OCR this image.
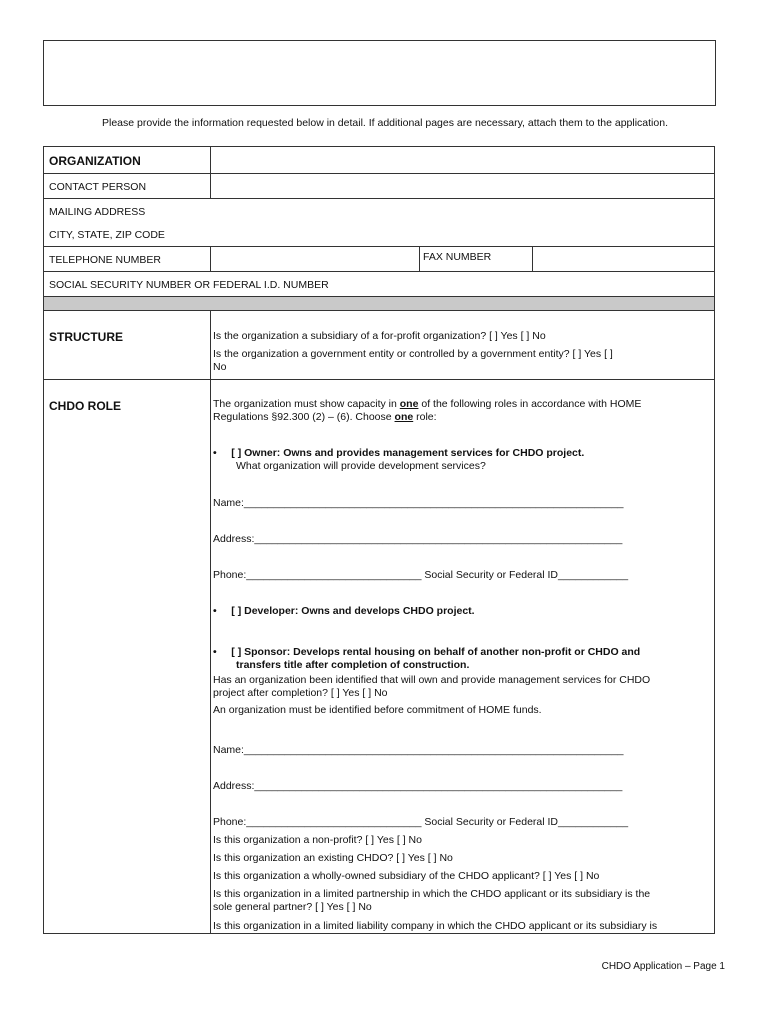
Please provide the information requested below in detail. If additional pages are necessary, attach them to the application.
ORGANIZATION
CONTACT PERSON
MAILING ADDRESS
CITY, STATE, ZIP CODE
TELEPHONE NUMBER	FAX NUMBER
SOCIAL SECURITY NUMBER OR FEDERAL I.D. NUMBER
STRUCTURE
CHDO ROLE
Is the organization a subsidiary of a for-profit organization? [ ] Yes [ ] No
Is the organization a government entity or controlled by a government entity? [ ] Yes [ ]
No
The organization must show capacity in one of the following roles in accordance with HOME
Regulations §92.300 (2) – (6). Choose one role:
• [ ] Owner: Owns and provides management services for CHDO project.
What organization will provide development services?
Name:_________________________________________________________________
Address:_______________________________________________________________
Phone:______________________________ Social Security or Federal ID____________
• [ ] Developer: Owns and develops CHDO project.
• [ ] Sponsor: Develops rental housing on behalf of another non-profit or CHDO and
transfers title after completion of construction.
Has an organization been identified that will own and provide management services for CHDO
project after completion? [ ] Yes [ ] No
An organization must be identified before commitment of HOME funds.
Name:_________________________________________________________________
Address:_______________________________________________________________
Phone:______________________________ Social Security or Federal ID____________
Is this organization a non-profit? [ ] Yes [ ] No
Is this organization an existing CHDO? [ ] Yes [ ] No
Is this organization a wholly-owned subsidiary of the CHDO applicant? [ ] Yes [ ] No
Is this organization in a limited partnership in which the CHDO applicant or its subsidiary is the
sole general partner? [ ] Yes [ ] No
Is this organization in a limited liability company in which the CHDO applicant or its subsidiary is
CHDO Application – Page 1
